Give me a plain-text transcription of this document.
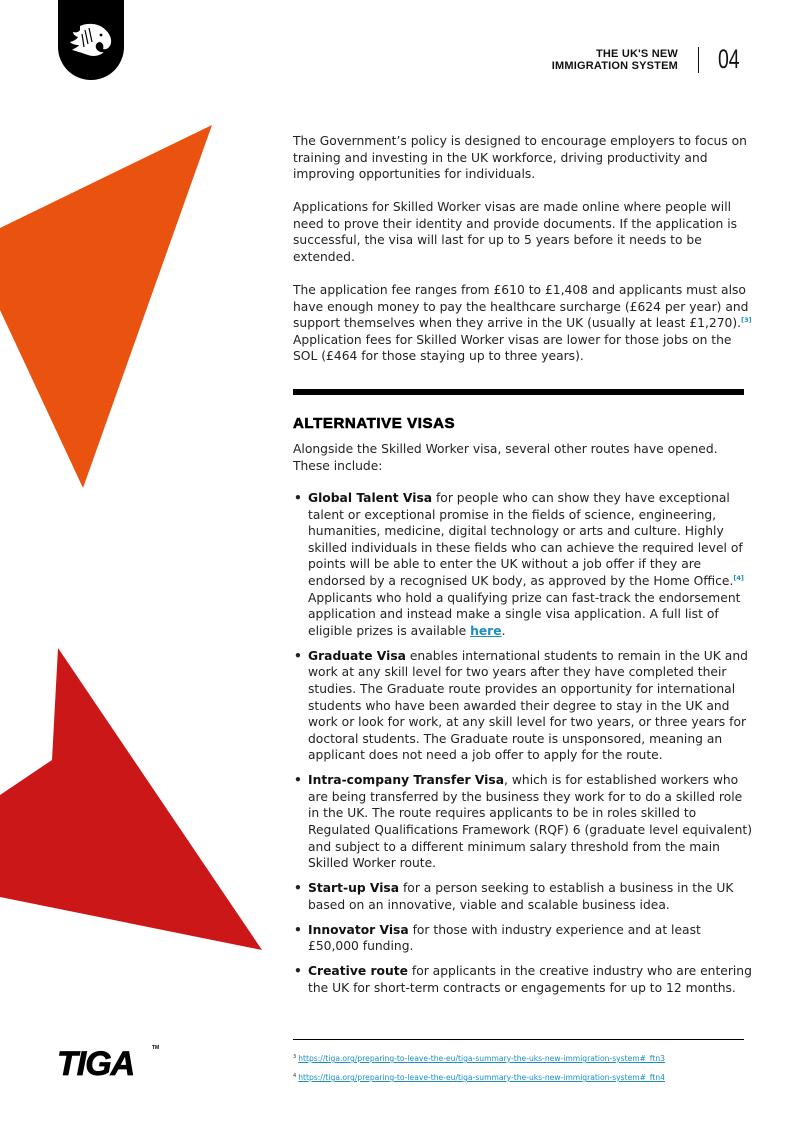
THE UK'S NEW
IMMIGRATION SYSTEM 04

The Government’s policy is designed to encourage employers to focus on training and investing in the UK workforce, driving productivity and improving opportunities for individuals.

Applications for Skilled Worker visas are made online where people will need to prove their identity and provide documents. If the application is successful, the visa will last for up to 5 years before it needs to be extended.

The application fee ranges from £610 to £1,408 and applicants must also have enough money to pay the healthcare surcharge (£624 per year) and support themselves when they arrive in the UK (usually at least £1,270).[3] Application fees for Skilled Worker visas are lower for those jobs on the SOL (£464 for those staying up to three years).

ALTERNATIVE VISAS

Alongside the Skilled Worker visa, several other routes have opened. These include:

• Global Talent Visa for people who can show they have exceptional talent or exceptional promise in the fields of science, engineering, humanities, medicine, digital technology or arts and culture. Highly skilled individuals in these fields who can achieve the required level of points will be able to enter the UK without a job offer if they are endorsed by a recognised UK body, as approved by the Home Office.[4] Applicants who hold a qualifying prize can fast-track the endorsement application and instead make a single visa application. A full list of eligible prizes is available here.
• Graduate Visa enables international students to remain in the UK and work at any skill level for two years after they have completed their studies. The Graduate route provides an opportunity for international students who have been awarded their degree to stay in the UK and work or look for work, at any skill level for two years, or three years for doctoral students. The Graduate route is unsponsored, meaning an applicant does not need a job offer to apply for the route.
• Intra-company Transfer Visa, which is for established workers who are being transferred by the business they work for to do a skilled role in the UK. The route requires applicants to be in roles skilled to Regulated Qualifications Framework (RQF) 6 (graduate level equivalent) and subject to a different minimum salary threshold from the main Skilled Worker route.
• Start-up Visa for a person seeking to establish a business in the UK based on an innovative, viable and scalable business idea.
• Innovator Visa for those with industry experience and at least £50,000 funding.
• Creative route for applicants in the creative industry who are entering the UK for short-term contracts or engagements for up to 12 months.
$^3$ https://tiga.org/preparing-to-leave-the-eu/tiga-summary-the-uks-new-immigration-system#_ftn3
$^4$ https://tiga.org/preparing-to-leave-the-eu/tiga-summary-the-uks-new-immigration-system#_ftn4
TIGA	TM
